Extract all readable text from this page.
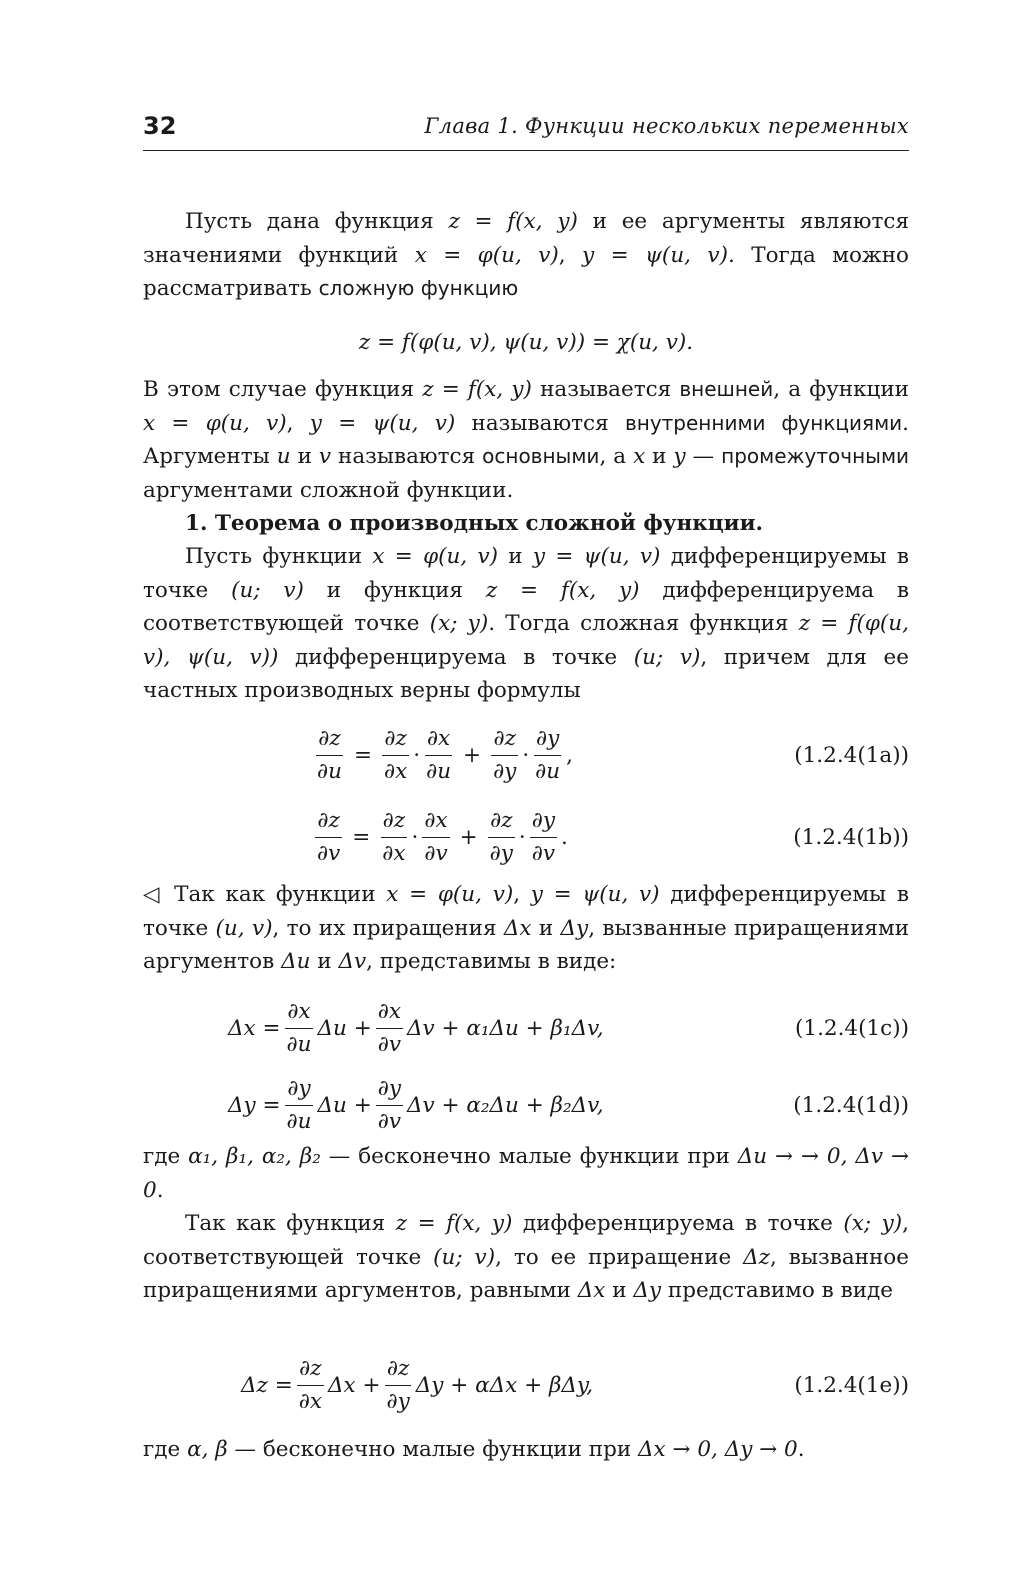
32	Глава 1. Функции нескольких переменных

Пусть дана функция z = f(x, y) и ее аргументы являются значениями функций x = φ(u, v), y = ψ(u, v). Тогда можно рассматривать сложную функцию

z = f(φ(u, v), ψ(u, v)) = χ(u, v).

В этом случае функция z = f(x, y) называется внешней, а функции x = φ(u, v), y = ψ(u, v) называются внутренними функциями. Аргументы u и v называются основными, а x и y — промежуточными аргументами сложной функции.

1. Теорема о производных сложной функции.

Пусть функции x = φ(u, v) и y = ψ(u, v) дифференцируемы в точке (u; v) и функция z = f(x, y) дифференцируема в соответствующей точке (x; y). Тогда сложная функция z = f(φ(u, v), ψ(u, v)) дифференцируема в точке (u; v), причем для ее частных производных верны формулы

$\frac{\partial z}{\partial u} = \frac{\partial z}{\partial x} \cdot \frac{\partial x}{\partial u} + \frac{\partial z}{\partial y} \cdot \frac{\partial y}{\partial u}$ ,	(1.2.4(1a))
$\frac{\partial z}{\partial v} = \frac{\partial z}{\partial x} \cdot \frac{\partial x}{\partial v} + \frac{\partial z}{\partial y} \cdot \frac{\partial y}{\partial v}$ .	(1.2.4(1b))

◁ Так как функции x = φ(u, v), y = ψ(u, v) дифференцируемы в точке (u, v), то их приращения Δx и Δy, вызванные приращениями аргументов Δu и Δv, представимы в виде:

$\Delta x = \frac{\partial x}{\partial u}$ $\Delta u + \frac{\partial x}{\partial v}$ Δv + α₁Δu + β₁Δv,	(1.2.4(1c))
$\Delta y = \frac{\partial y}{\partial u}$ $\Delta u + \frac{\partial y}{\partial v}$ Δv + α₂Δu + β₂Δv,	(1.2.4(1d))

где α₁, β₁, α₂, β₂ — бесконечно малые функции при Δu → → 0, Δv → 0.

Так как функция z = f(x, y) дифференцируема в точке (x; y), соответствующей точке (u; v), то ее приращение Δz, вызванное приращениями аргументов, равными Δx и Δy представимо в виде

$\Delta z = \frac{\partial z}{\partial x}$ $\Delta x + \frac{\partial z}{\partial y}$ Δy + αΔx + βΔy,	(1.2.4(1e))

где α, β — бесконечно малые функции при Δx → 0, Δy → 0.
